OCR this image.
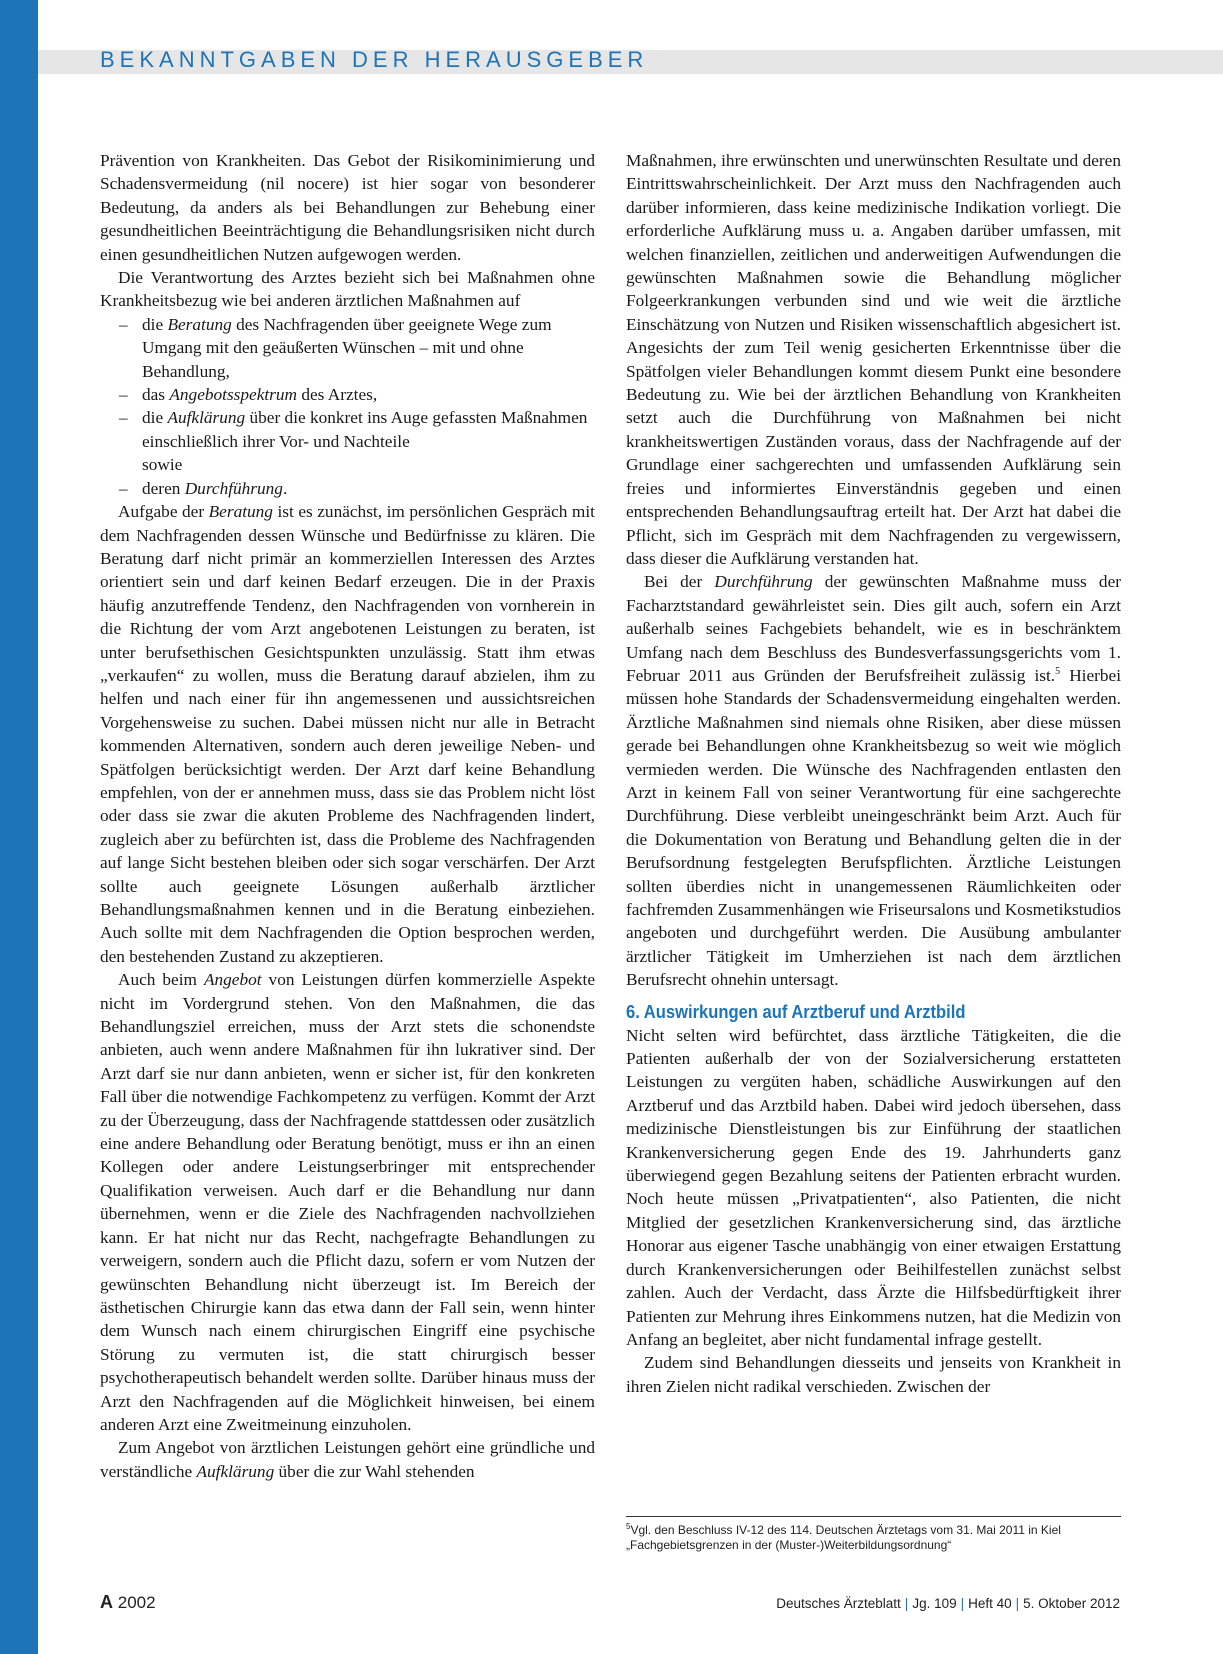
BEKANNTGABEN DER HERAUSGEBER

Prävention von Krankheiten. Das Gebot der Risikominimierung und Schadensvermeidung (nil nocere) ist hier sogar von besonderer Bedeutung, da anders als bei Behandlungen zur Behebung einer gesundheitlichen Beeinträchtigung die Behandlungsrisiken nicht durch einen gesundheitlichen Nutzen aufgewogen werden.

Die Verantwortung des Arztes bezieht sich bei Maßnahmen ohne Krankheitsbezug wie bei anderen ärztlichen Maßnahmen auf

– die Beratung des Nachfragenden über geeignete Wege zum Umgang mit den geäußerten Wünschen – mit und ohne Behandlung,
– das Angebotsspektrum des Arztes,
– die Aufklärung über die konkret ins Auge gefassten Maßnahmen einschließlich ihrer Vor- und Nachteile
sowie
– deren Durchführung.

Aufgabe der Beratung ist es zunächst, im persönlichen Gespräch mit dem Nachfragenden dessen Wünsche und Bedürfnisse zu klären. Die Beratung darf nicht primär an kommerziellen Interessen des Arztes orientiert sein und darf keinen Bedarf erzeugen. Die in der Praxis häufig anzutreffende Tendenz, den Nachfragenden von vornherein in die Richtung der vom Arzt angebotenen Leistungen zu beraten, ist unter berufsethischen Gesichtspunkten unzulässig. Statt ihm etwas „verkaufen“ zu wollen, muss die Beratung darauf abzielen, ihm zu helfen und nach einer für ihn angemessenen und aussichtsreichen Vorgehensweise zu suchen. Dabei müssen nicht nur alle in Betracht kommenden Alternativen, sondern auch deren jeweilige Neben- und Spätfolgen berücksichtigt werden. Der Arzt darf keine Behandlung empfehlen, von der er annehmen muss, dass sie das Problem nicht löst oder dass sie zwar die akuten Probleme des Nachfragenden lindert, zugleich aber zu befürchten ist, dass die Probleme des Nachfragenden auf lange Sicht bestehen bleiben oder sich sogar verschärfen. Der Arzt sollte auch geeignete Lösungen außerhalb ärztlicher Behandlungsmaßnahmen kennen und in die Beratung einbeziehen. Auch sollte mit dem Nachfragenden die Option besprochen werden, den bestehenden Zustand zu akzeptieren.

Auch beim Angebot von Leistungen dürfen kommerzielle Aspekte nicht im Vordergrund stehen. Von den Maßnahmen, die das Behandlungsziel erreichen, muss der Arzt stets die schonendste anbieten, auch wenn andere Maßnahmen für ihn lukrativer sind. Der Arzt darf sie nur dann anbieten, wenn er sicher ist, für den konkreten Fall über die notwendige Fachkompetenz zu verfügen. Kommt der Arzt zu der Überzeugung, dass der Nachfragende stattdessen oder zusätzlich eine andere Behandlung oder Beratung benötigt, muss er ihn an einen Kollegen oder andere Leistungserbringer mit entsprechender Qualifikation verweisen. Auch darf er die Behandlung nur dann übernehmen, wenn er die Ziele des Nachfragenden nachvollziehen kann. Er hat nicht nur das Recht, nachgefragte Behandlungen zu verweigern, sondern auch die Pflicht dazu, sofern er vom Nutzen der gewünschten Behandlung nicht überzeugt ist. Im Bereich der ästhetischen Chirurgie kann das etwa dann der Fall sein, wenn hinter dem Wunsch nach einem chirurgischen Eingriff eine psychische Störung zu vermuten ist, die statt chirurgisch besser psychotherapeutisch behandelt werden sollte. Darüber hinaus muss der Arzt den Nachfragenden auf die Möglichkeit hinweisen, bei einem anderen Arzt eine Zweitmeinung einzuholen.

Zum Angebot von ärztlichen Leistungen gehört eine gründliche und verständliche Aufklärung über die zur Wahl stehenden

Maßnahmen, ihre erwünschten und unerwünschten Resultate und deren Eintrittswahrscheinlichkeit. Der Arzt muss den Nachfragenden auch darüber informieren, dass keine medizinische Indikation vorliegt. Die erforderliche Aufklärung muss u. a. Angaben darüber umfassen, mit welchen finanziellen, zeitlichen und anderweitigen Aufwendungen die gewünschten Maßnahmen sowie die Behandlung möglicher Folgeerkrankungen verbunden sind und wie weit die ärztliche Einschätzung von Nutzen und Risiken wissenschaftlich abgesichert ist. Angesichts der zum Teil wenig gesicherten Erkenntnisse über die Spätfolgen vieler Behandlungen kommt diesem Punkt eine besondere Bedeutung zu. Wie bei der ärztlichen Behandlung von Krankheiten setzt auch die Durchführung von Maßnahmen bei nicht krankheitswertigen Zuständen voraus, dass der Nachfragende auf der Grundlage einer sachgerechten und umfassenden Aufklärung sein freies und informiertes Einverständnis gegeben und einen entsprechenden Behandlungsauftrag erteilt hat. Der Arzt hat dabei die Pflicht, sich im Gespräch mit dem Nachfragenden zu vergewissern, dass dieser die Aufklärung verstanden hat.

Bei der Durchführung der gewünschten Maßnahme muss der Facharztstandard gewährleistet sein. Dies gilt auch, sofern ein Arzt außerhalb seines Fachgebiets behandelt, wie es in beschränktem Umfang nach dem Beschluss des Bundesverfassungsgerichts vom 1. Februar 2011 aus Gründen der Berufsfreiheit zulässig ist.$^5$ Hierbei müssen hohe Standards der Schadensvermeidung eingehalten werden. Ärztliche Maßnahmen sind niemals ohne Risiken, aber diese müssen gerade bei Behandlungen ohne Krankheitsbezug so weit wie möglich vermieden werden. Die Wünsche des Nachfragenden entlasten den Arzt in keinem Fall von seiner Verantwortung für eine sachgerechte Durchführung. Diese verbleibt uneingeschränkt beim Arzt. Auch für die Dokumentation von Beratung und Behandlung gelten die in der Berufsordnung festgelegten Berufspflichten. Ärztliche Leistungen sollten überdies nicht in unangemessenen Räumlichkeiten oder fachfremden Zusammenhängen wie Friseursalons und Kosmetikstudios angeboten und durchgeführt werden. Die Ausübung ambulanter ärztlicher Tätigkeit im Umherziehen ist nach dem ärztlichen Berufsrecht ohnehin untersagt.

6. Auswirkungen auf Arztberuf und Arztbild

Nicht selten wird befürchtet, dass ärztliche Tätigkeiten, die die Patienten außerhalb der von der Sozialversicherung erstatteten Leistungen zu vergüten haben, schädliche Auswirkungen auf den Arztberuf und das Arztbild haben. Dabei wird jedoch übersehen, dass medizinische Dienstleistungen bis zur Einführung der staatlichen Krankenversicherung gegen Ende des 19. Jahrhunderts ganz überwiegend gegen Bezahlung seitens der Patienten erbracht wurden. Noch heute müssen „Privatpatienten“, also Patienten, die nicht Mitglied der gesetzlichen Krankenversicherung sind, das ärztliche Honorar aus eigener Tasche unabhängig von einer etwaigen Erstattung durch Krankenversicherungen oder Beihilfestellen zunächst selbst zahlen. Auch der Verdacht, dass Ärzte die Hilfsbedürftigkeit ihrer Patienten zur Mehrung ihres Einkommens nutzen, hat die Medizin von Anfang an begleitet, aber nicht fundamental infrage gestellt.

Zudem sind Behandlungen diesseits und jenseits von Krankheit in ihren Zielen nicht radikal verschieden. Zwischen der

$^5$Vgl. den Beschluss IV-12 des 114. Deutschen Ärztetags vom 31. Mai 2011 in Kiel
„Fachgebietsgrenzen in der (Muster-)Weiterbildungsordnung“
A 2002	Deutsches Ärzteblatt | Jg. 109 | Heft 40 | 5. Oktober 2012
